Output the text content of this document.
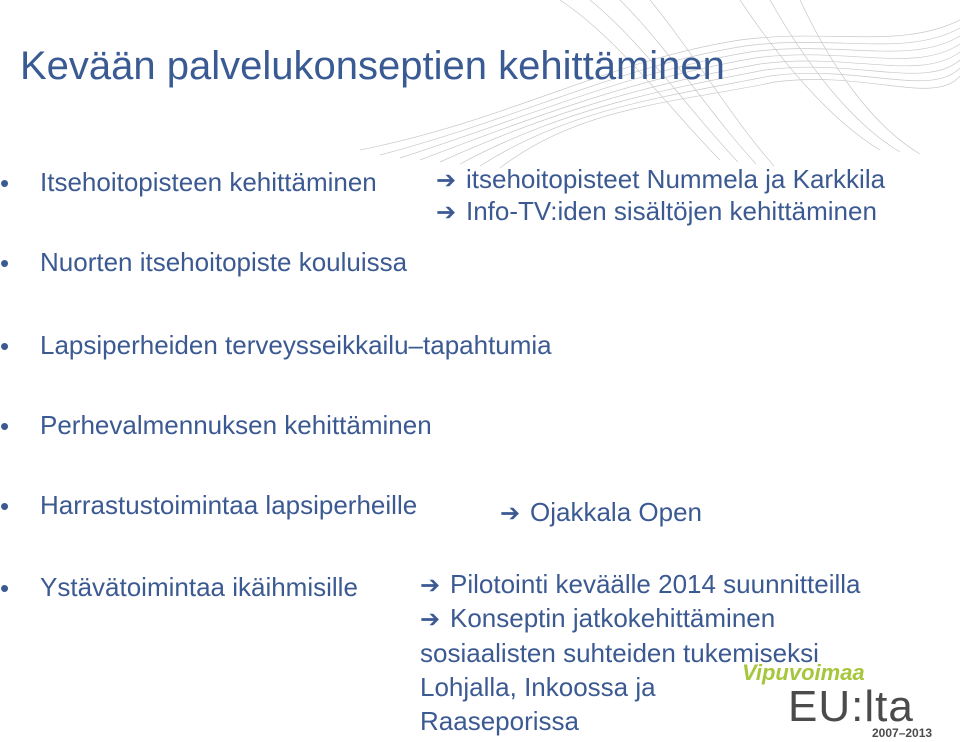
Kevään palvelukonseptien kehittäminen
• Itsehoitopisteen kehittäminen ➔ itsehoitopisteet Nummela ja Karkkila
➔ Info-TV:iden sisältöjen kehittäminen
• Nuorten itsehoitopiste kouluissa
• Lapsiperheiden terveysseikkailu–tapahtumia
• Perhevalmennuksen kehittäminen
• Harrastustoimintaa lapsiperheille	➔ Ojakkala Open
• Ystävätoimintaa ikäihmisille	➔ Pilotointi keväälle 2014 suunnitteilla
➔ Konseptin jatkokehittäminen
sosiaalisten suhteiden tukemiseksi
Lohjalla, Inkoossa ja
Raaseporissa
Vipuvoimaa
EU:lta
2007–2013
